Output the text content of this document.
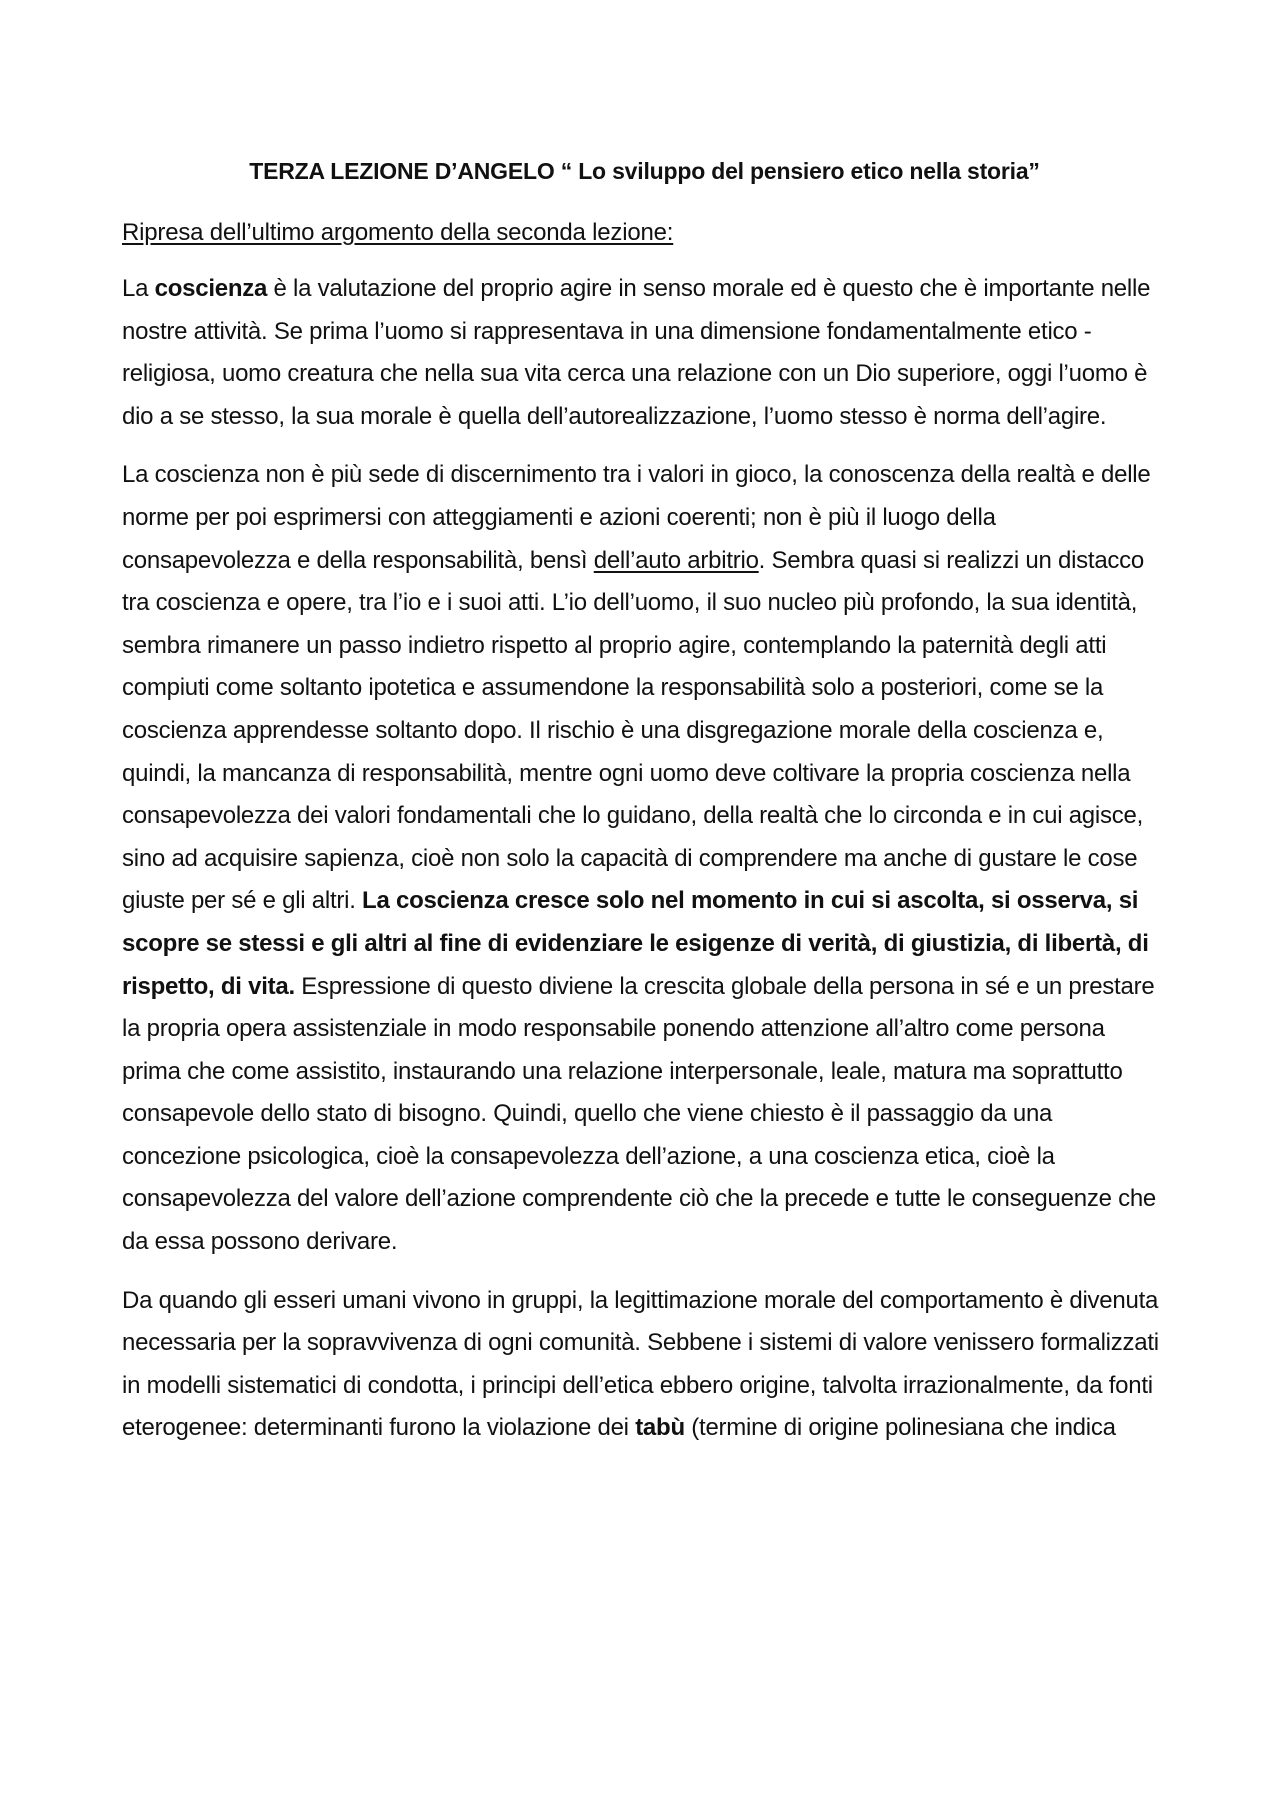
TERZA LEZIONE D’ANGELO “ Lo sviluppo del pensiero etico nella storia”

Ripresa dell’ultimo argomento della seconda lezione:

La coscienza è la valutazione del proprio agire in senso morale ed è questo che è importante nelle nostre attività. Se prima l’uomo si rappresentava in una dimensione fondamentalmente etico - religiosa, uomo creatura che nella sua vita cerca una relazione con un Dio superiore, oggi l’uomo è dio a se stesso, la sua morale è quella dell’autorealizzazione, l’uomo stesso è norma dell’agire.

La coscienza non è più sede di discernimento tra i valori in gioco, la conoscenza della realtà e delle norme per poi esprimersi con atteggiamenti e azioni coerenti; non è più il luogo della consapevolezza e della responsabilità, bensì dell’auto arbitrio. Sembra quasi si realizzi un distacco tra coscienza e opere, tra l’io e i suoi atti. L’io dell’uomo, il suo nucleo più profondo, la sua identità, sembra rimanere un passo indietro rispetto al proprio agire, contemplando la paternità degli atti compiuti come soltanto ipotetica e assumendone la responsabilità solo a posteriori, come se la coscienza apprendesse soltanto dopo. Il rischio è una disgregazione morale della coscienza e, quindi, la mancanza di responsabilità, mentre ogni uomo deve coltivare la propria coscienza nella consapevolezza dei valori fondamentali che lo guidano, della realtà che lo circonda e in cui agisce, sino ad acquisire sapienza, cioè non solo la capacità di comprendere ma anche di gustare le cose giuste per sé e gli altri. La coscienza cresce solo nel momento in cui si ascolta, si osserva, si scopre se stessi e gli altri al fine di evidenziare le esigenze di verità, di giustizia, di libertà, di rispetto, di vita. Espressione di questo diviene la crescita globale della persona in sé e un prestare la propria opera assistenziale in modo responsabile ponendo attenzione all’altro come persona prima che come assistito, instaurando una relazione interpersonale, leale, matura ma soprattutto consapevole dello stato di bisogno. Quindi, quello che viene chiesto è il passaggio da una concezione psicologica, cioè la consapevolezza dell’azione, a una coscienza etica, cioè la consapevolezza del valore dell’azione comprendente ciò che la precede e tutte le conseguenze che da essa possono derivare.

Da quando gli esseri umani vivono in gruppi, la legittimazione morale del comportamento è divenuta necessaria per la sopravvivenza di ogni comunità. Sebbene i sistemi di valore venissero formalizzati in modelli sistematici di condotta, i principi dell’etica ebbero origine, talvolta irrazionalmente, da fonti eterogenee: determinanti furono la violazione dei tabù (termine di origine polinesiana che indica
